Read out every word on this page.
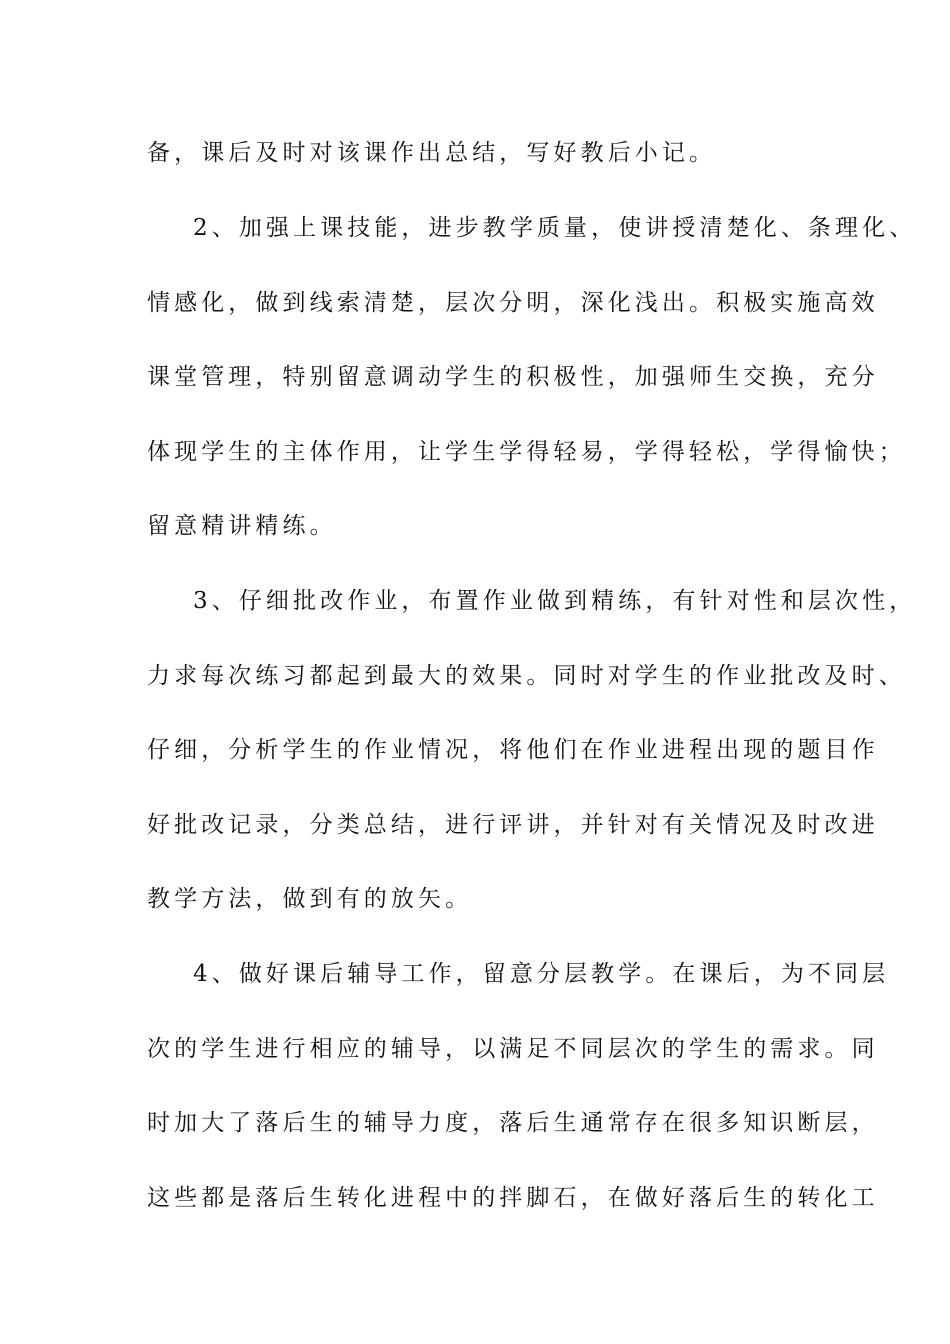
备，课后及时对该课作出总结，写好教后小记。
2、加强上课技能，进步教学质量，使讲授清楚化、条理化、
情感化，做到线索清楚，层次分明，深化浅出。积极实施高效
课堂管理，特别留意调动学生的积极性，加强师生交换，充分
体现学生的主体作用，让学生学得轻易，学得轻松，学得愉快；
留意精讲精练。
3、仔细批改作业，布置作业做到精练，有针对性和层次性，
力求每次练习都起到最大的效果。同时对学生的作业批改及时、
仔细，分析学生的作业情况，将他们在作业进程出现的题目作
好批改记录，分类总结，进行评讲，并针对有关情况及时改进
教学方法，做到有的放矢。
4、做好课后辅导工作，留意分层教学。在课后，为不同层
次的学生进行相应的辅导，以满足不同层次的学生的需求。同
时加大了落后生的辅导力度，落后生通常存在很多知识断层，
这些都是落后生转化进程中的拌脚石，在做好落后生的转化工
